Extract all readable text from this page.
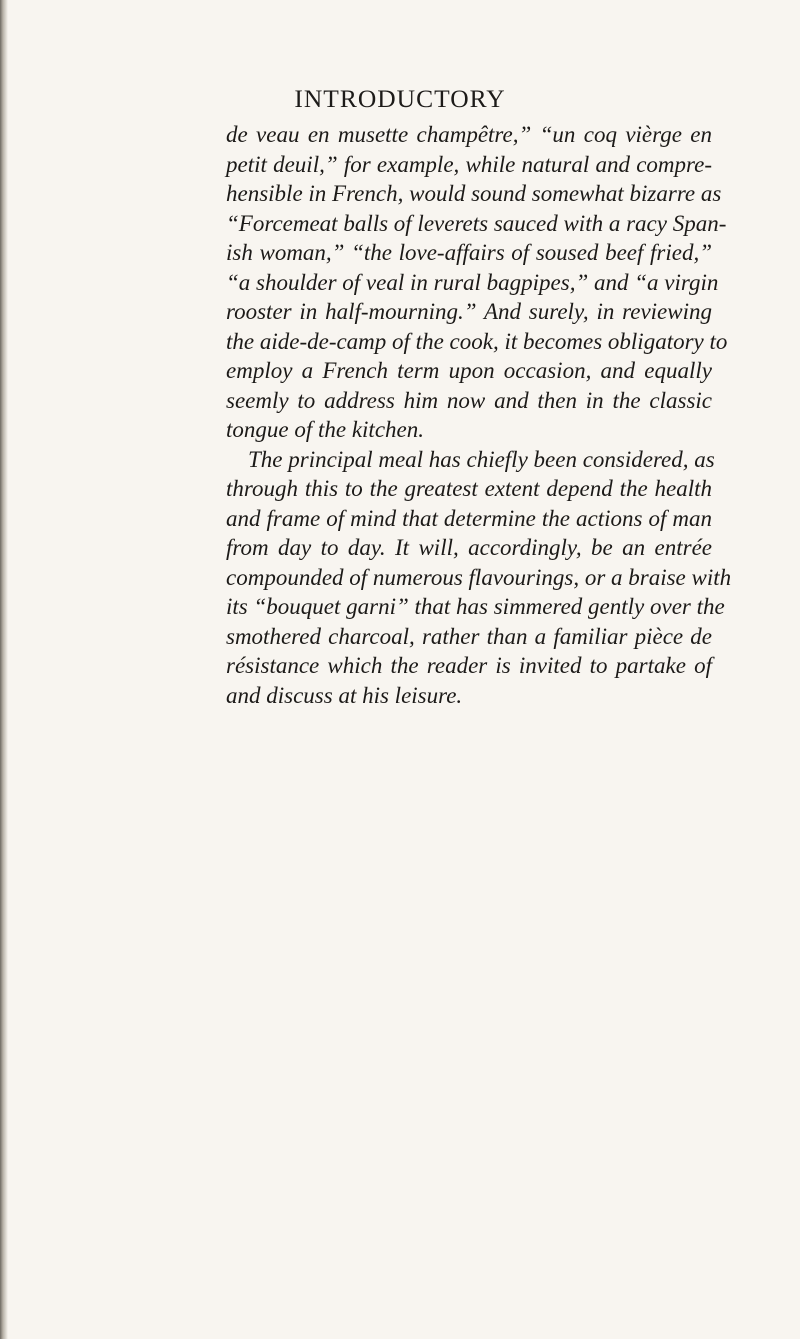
INTRODUCTORY
de veau en musette champêtre,” “un coq vièrge en
petit deuil,” for example, while natural and compre-
hensible in French, would sound somewhat bizarre as
“Forcemeat balls of leverets sauced with a racy Span-
ish woman,” “the love-affairs of soused beef fried,”
“a shoulder of veal in rural bagpipes,” and “a virgin
rooster in half-mourning.” And surely, in reviewing
the aide-de-camp of the cook, it becomes obligatory to
employ a French term upon occasion, and equally
seemly to address him now and then in the classic
tongue of the kitchen.
The principal meal has chiefly been considered, as
through this to the greatest extent depend the health
and frame of mind that determine the actions of man
from day to day. It will, accordingly, be an entrée
compounded of numerous flavourings, or a braise with
its “bouquet garni” that has simmered gently over the
smothered charcoal, rather than a familiar pièce de
résistance which the reader is invited to partake of
and discuss at his leisure.
